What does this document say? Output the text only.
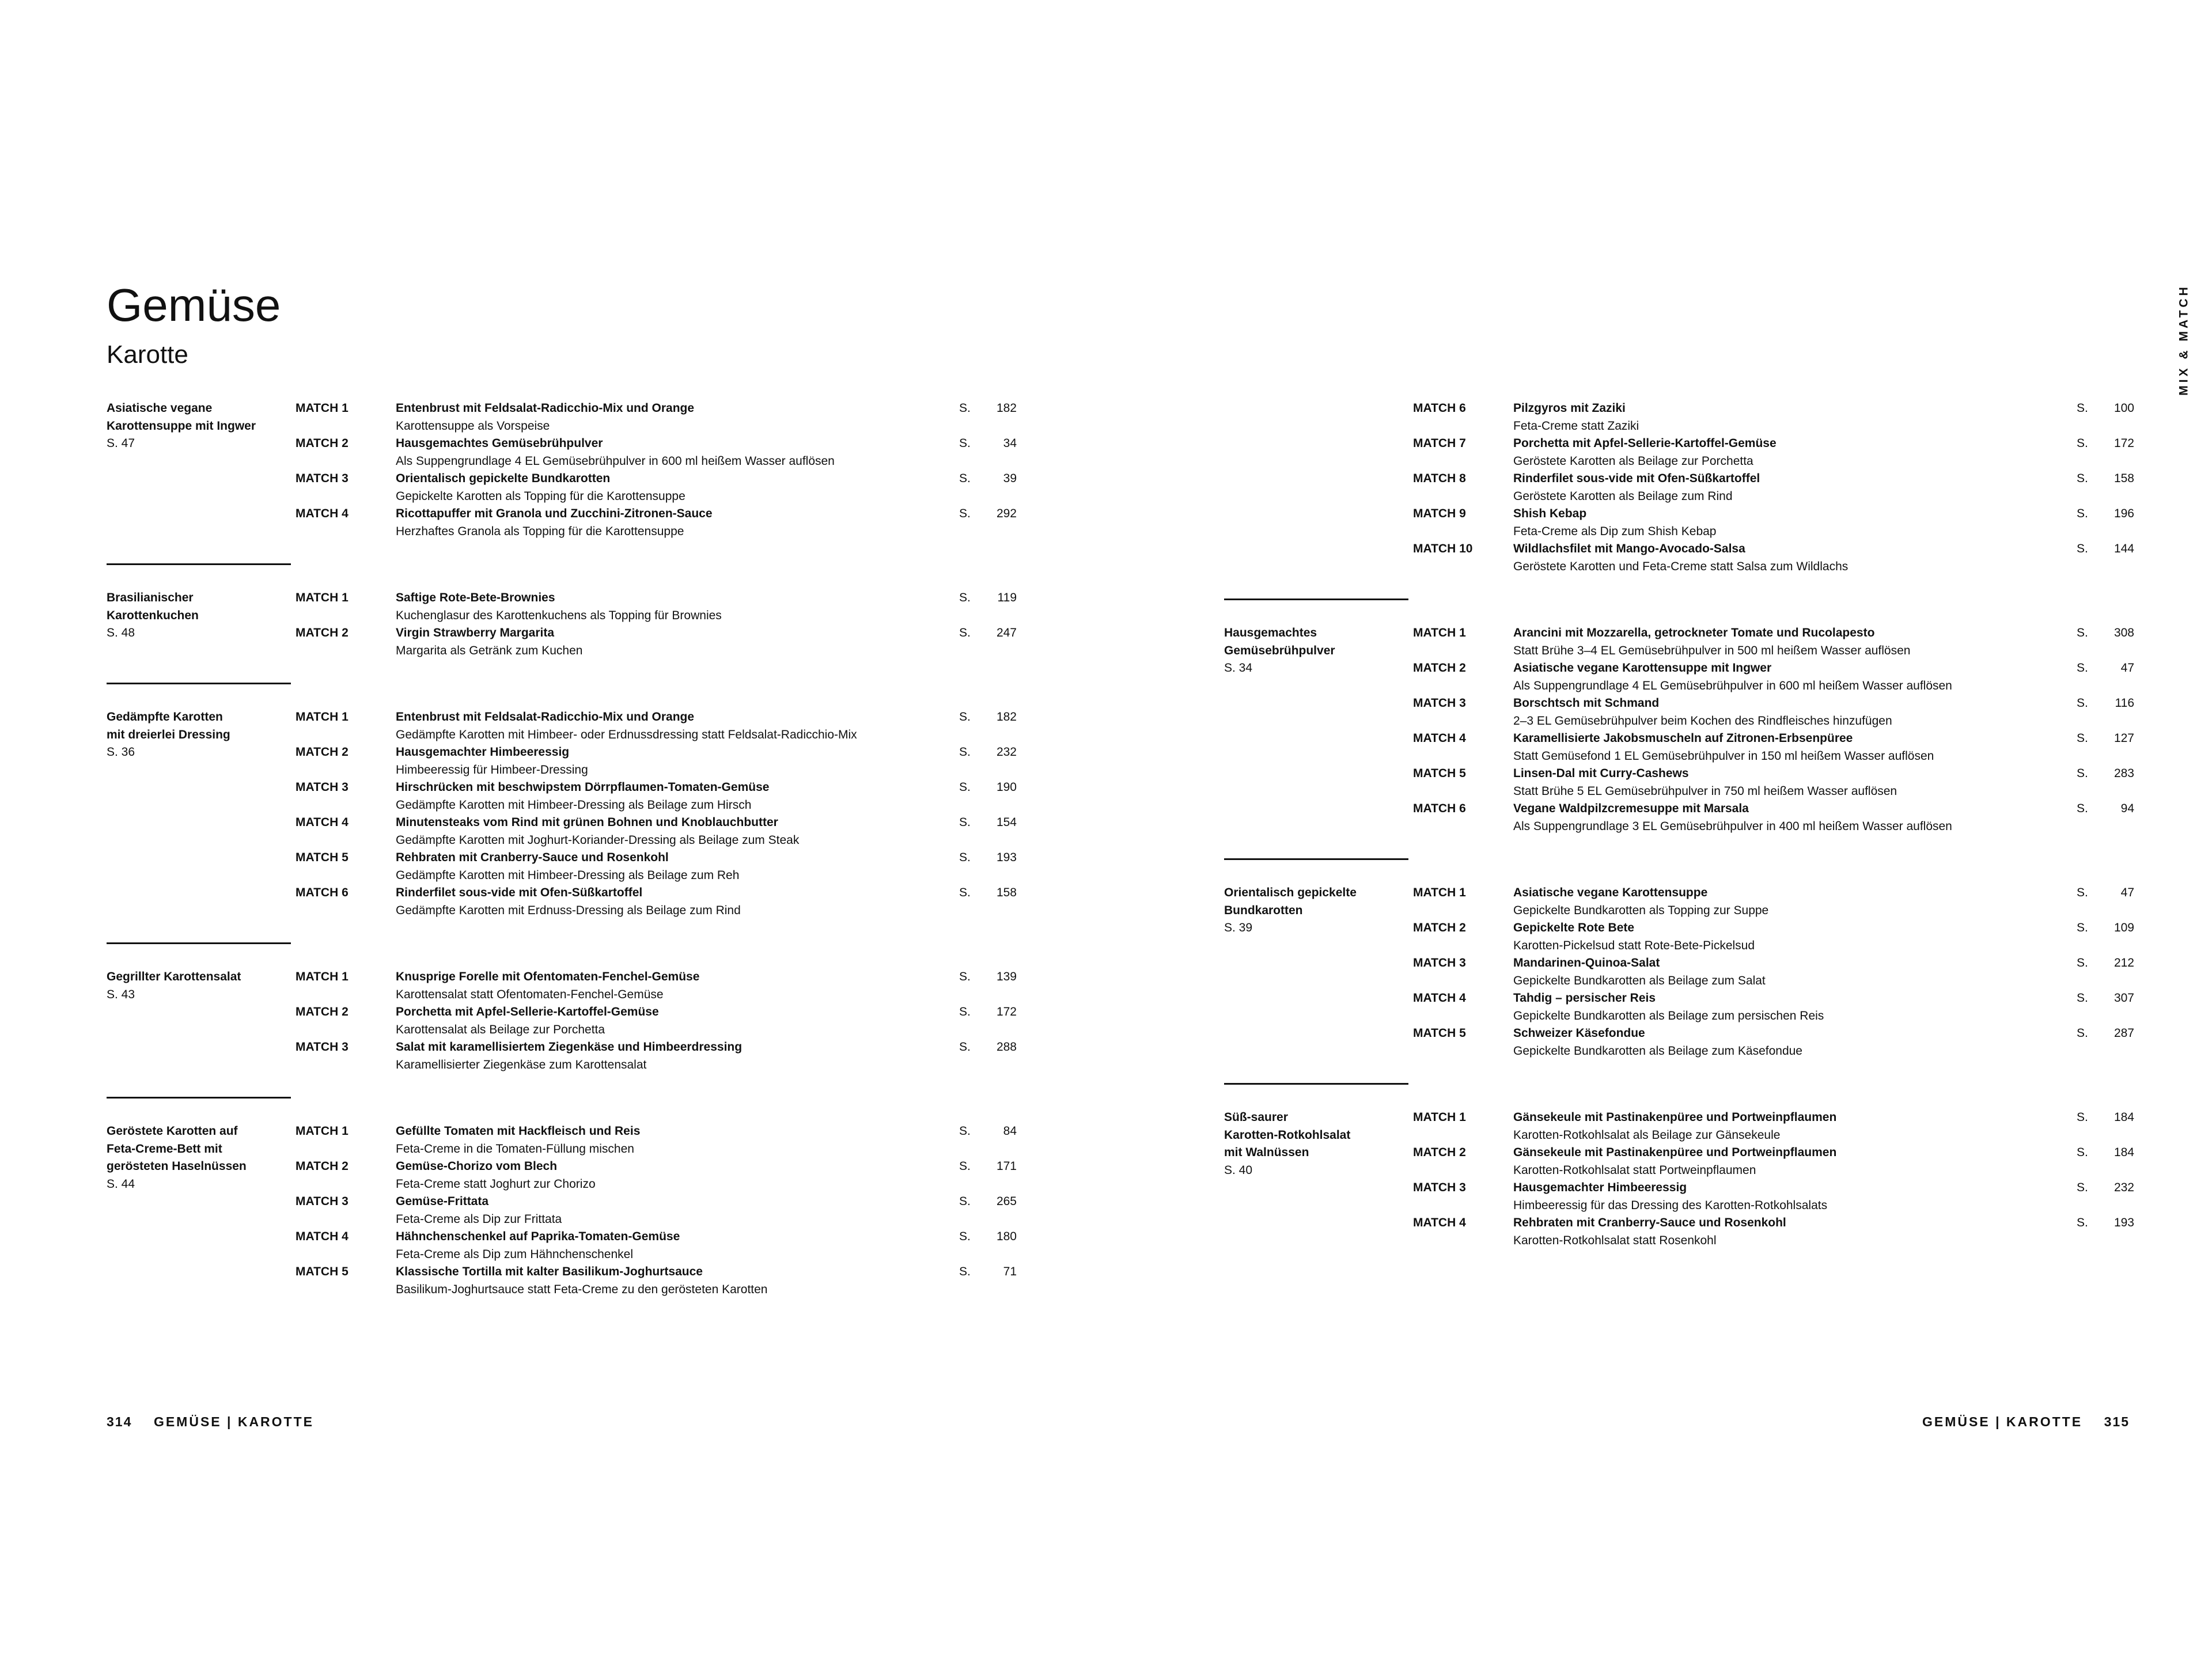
Gemüse
Karotte	MIX & MATCH
Asiatische vegane
Karottensuppe mit Ingwer
S. 47
MATCH 1	Entenbrust mit Feldsalat-Radicchio-Mix und Orange
Karottensuppe als Vorspeise
S.	182
MATCH 2	Hausgemachtes Gemüsebrühpulver
Als Suppengrundlage 4 EL Gemüsebrühpulver in 600 ml heißem Wasser auflösen
S.	34
MATCH 3	Orientalisch gepickelte Bundkarotten
Gepickelte Karotten als Topping für die Karottensuppe
S.	39
MATCH 4	Ricottapuffer mit Granola und Zucchini-Zitronen-Sauce
Herzhaftes Granola als Topping für die Karottensuppe
S.	292
Brasilianischer
Karottenkuchen
S. 48
MATCH 1	Saftige Rote-Bete-Brownies
Kuchenglasur des Karottenkuchens als Topping für Brownies
S.	119
MATCH 2	Virgin Strawberry Margarita
Margarita als Getränk zum Kuchen
S.	247
Gedämpfte Karotten
mit dreierlei Dressing
S. 36
MATCH 1	Entenbrust mit Feldsalat-Radicchio-Mix und Orange
Gedämpfte Karotten mit Himbeer- oder Erdnussdressing statt Feldsalat-Radicchio-Mix
S.	182
MATCH 2	Hausgemachter Himbeeressig
Himbeeressig für Himbeer-Dressing
S.	232
MATCH 3	Hirschrücken mit beschwipstem Dörrpflaumen-Tomaten-Gemüse
Gedämpfte Karotten mit Himbeer-Dressing als Beilage zum Hirsch
S.	190
MATCH 4	Minutensteaks vom Rind mit grünen Bohnen und Knoblauchbutter
Gedämpfte Karotten mit Joghurt-Koriander-Dressing als Beilage zum Steak
S.	154
MATCH 5	Rehbraten mit Cranberry-Sauce und Rosenkohl
Gedämpfte Karotten mit Himbeer-Dressing als Beilage zum Reh
S.	193
MATCH 6	Rinderfilet sous-vide mit Ofen-Süßkartoffel
Gedämpfte Karotten mit Erdnuss-Dressing als Beilage zum Rind
S.	158
Gegrillter Karottensalat
S. 43
MATCH 1	Knusprige Forelle mit Ofentomaten-Fenchel-Gemüse
Karottensalat statt Ofentomaten-Fenchel-Gemüse
S.	139
MATCH 2	Porchetta mit Apfel-Sellerie-Kartoffel-Gemüse
Karottensalat als Beilage zur Porchetta
S.	172
MATCH 3	Salat mit karamellisiertem Ziegenkäse und Himbeerdressing
Karamellisierter Ziegenkäse zum Karottensalat
S.	288
Geröstete Karotten auf
Feta-Creme-Bett mit
gerösteten Haselnüssen
S. 44
MATCH 1	Gefüllte Tomaten mit Hackfleisch und Reis
Feta-Creme in die Tomaten-Füllung mischen
S.	84
MATCH 2	Gemüse-Chorizo vom Blech
Feta-Creme statt Joghurt zur Chorizo
S.	171
MATCH 3	Gemüse-Frittata
Feta-Creme als Dip zur Frittata
S.	265
MATCH 4	Hähnchenschenkel auf Paprika-Tomaten-Gemüse
Feta-Creme als Dip zum Hähnchenschenkel
S.	180
MATCH 5	Klassische Tortilla mit kalter Basilikum-Joghurtsauce
Basilikum-Joghurtsauce statt Feta-Creme zu den gerösteten Karotten
S.	71
MATCH 6	Pilzgyros mit Zaziki
Feta-Creme statt Zaziki
S.	100
MATCH 7	Porchetta mit Apfel-Sellerie-Kartoffel-Gemüse
Geröstete Karotten als Beilage zur Porchetta
S.	172
MATCH 8	Rinderfilet sous-vide mit Ofen-Süßkartoffel
Geröstete Karotten als Beilage zum Rind
S.	158
MATCH 9	Shish Kebap
Feta-Creme als Dip zum Shish Kebap
S.	196
MATCH 10	Wildlachsfilet mit Mango-Avocado-Salsa
Geröstete Karotten und Feta-Creme statt Salsa zum Wildlachs
S.	144
Hausgemachtes
Gemüsebrühpulver
S. 34
MATCH 1	Arancini mit Mozzarella, getrockneter Tomate und Rucolapesto
Statt Brühe 3–4 EL Gemüsebrühpulver in 500 ml heißem Wasser auflösen
S.	308
MATCH 2	Asiatische vegane Karottensuppe mit Ingwer
Als Suppengrundlage 4 EL Gemüsebrühpulver in 600 ml heißem Wasser auflösen
S.	47
MATCH 3	Borschtsch mit Schmand
2–3 EL Gemüsebrühpulver beim Kochen des Rindfleisches hinzufügen
S.	116
MATCH 4	Karamellisierte Jakobsmuscheln auf Zitronen-Erbsenpüree
Statt Gemüsefond 1 EL Gemüsebrühpulver in 150 ml heißem Wasser auflösen
S.	127
MATCH 5	Linsen-Dal mit Curry-Cashews
Statt Brühe 5 EL Gemüsebrühpulver in 750 ml heißem Wasser auflösen
S.	283
MATCH 6	Vegane Waldpilzcremesuppe mit Marsala
Als Suppengrundlage 3 EL Gemüsebrühpulver in 400 ml heißem Wasser auflösen
S.	94
Orientalisch gepickelte
Bundkarotten
S. 39
MATCH 1	Asiatische vegane Karottensuppe
Gepickelte Bundkarotten als Topping zur Suppe
S.	47
MATCH 2	Gepickelte Rote Bete
Karotten-Pickelsud statt Rote-Bete-Pickelsud
S.	109
MATCH 3	Mandarinen-Quinoa-Salat
Gepickelte Bundkarotten als Beilage zum Salat
S.	212
MATCH 4	Tahdig – persischer Reis
Gepickelte Bundkarotten als Beilage zum persischen Reis
S.	307
MATCH 5	Schweizer Käsefondue
Gepickelte Bundkarotten als Beilage zum Käsefondue
S.	287
Süß-saurer
Karotten-Rotkohlsalat
mit Walnüssen
S. 40
MATCH 1	Gänsekeule mit Pastinakenpüree und Portweinpflaumen
Karotten-Rotkohlsalat als Beilage zur Gänsekeule
S.	184
MATCH 2	Gänsekeule mit Pastinakenpüree und Portweinpflaumen
Karotten-Rotkohlsalat statt Portweinpflaumen
S.	184
MATCH 3	Hausgemachter Himbeeressig
Himbeeressig für das Dressing des Karotten-Rotkohlsalats
S.	232
MATCH 4	Rehbraten mit Cranberry-Sauce und Rosenkohl
Karotten-Rotkohlsalat statt Rosenkohl
S.	193
314 GEMÜSE | KAROTTE	GEMÜSE | KAROTTE 315
